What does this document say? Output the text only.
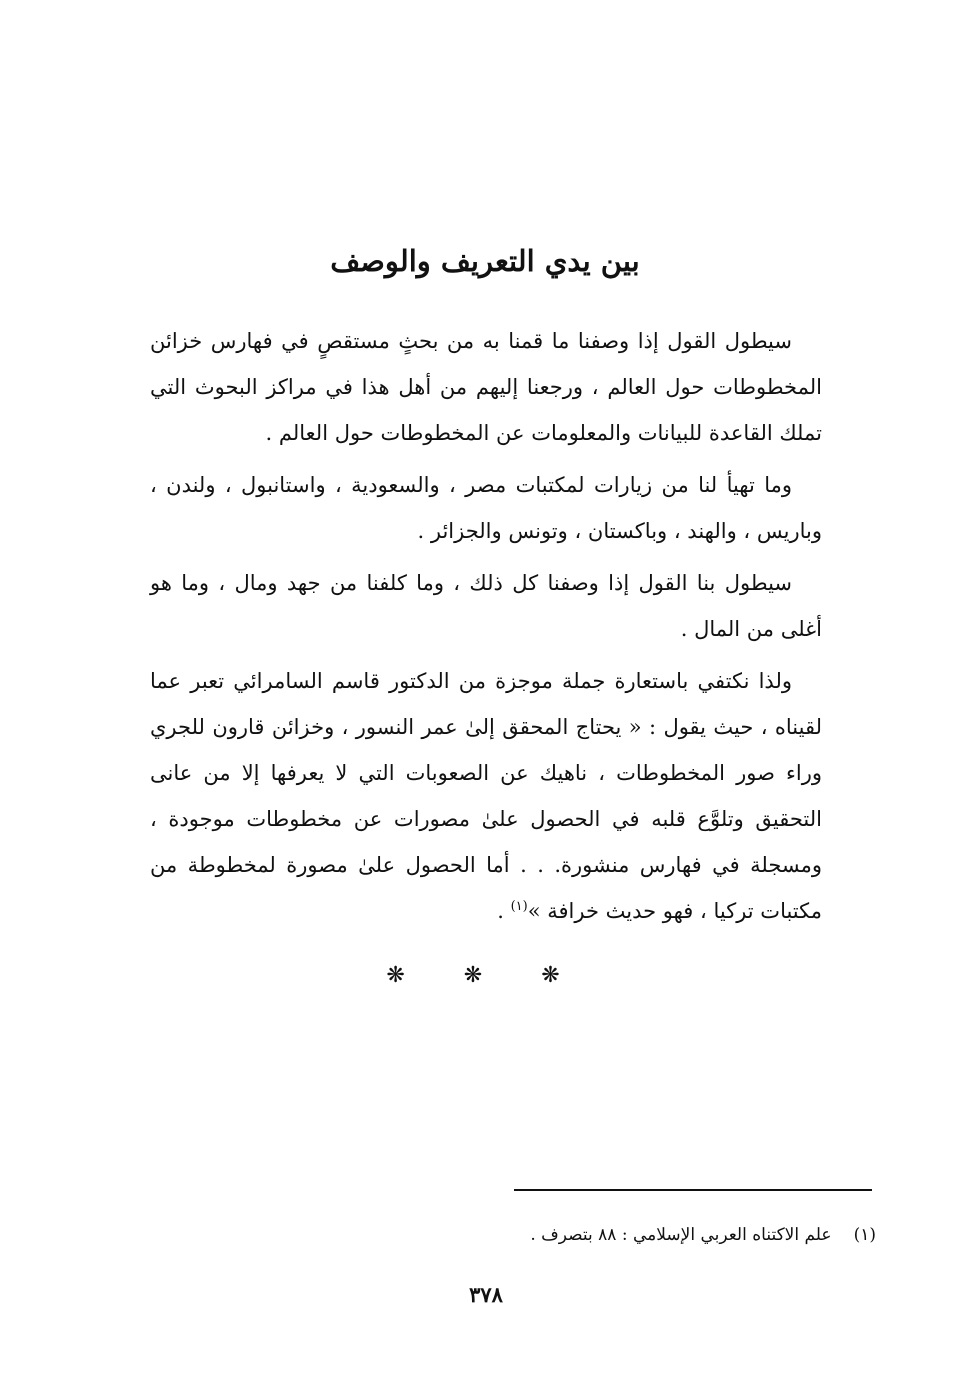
بين يدي التعريف والوصف

سيطول القول إذا وصفنا ما قمنا به من بحثٍ مستقصٍ في فهارس خزائن المخطوطات حول العالم ، ورجعنا إليهم من أهل هذا في مراكز البحوث التي تملك القاعدة للبيانات والمعلومات عن المخطوطات حول العالم .

وما تهيأ لنا من زيارات لمكتبات مصر ، والسعودية ، واستانبول ، ولندن ، وباريس ، والهند ، وباكستان ، وتونس والجزائر .

سيطول بنا القول إذا وصفنا كل ذلك ، وما كلفنا من جهد ومال ، وما هو أغلى من المال .

ولذا نكتفي باستعارة جملة موجزة من الدكتور قاسم السامرائي تعبر عما لقيناه ، حيث يقول : « يحتاج المحقق إلىٰ عمر النسور ، وخزائن قارون للجري وراء صور المخطوطات ، ناهيك عن الصعوبات التي لا يعرفها إلا من عانى التحقيق وتلوَّع قلبه في الحصول علىٰ مصورات عن مخطوطات موجودة ، ومسجلة في فهارس منشورة. . . أما الحصول علىٰ مصورة لمخطوطة من مكتبات تركيا ، فهو حديث خرافة »$^{(١)}$ .

❋ ❋ ❋
(١)علم الاكتناه العربي الإسلامي : ٨٨ بتصرف .
٣٧٨
